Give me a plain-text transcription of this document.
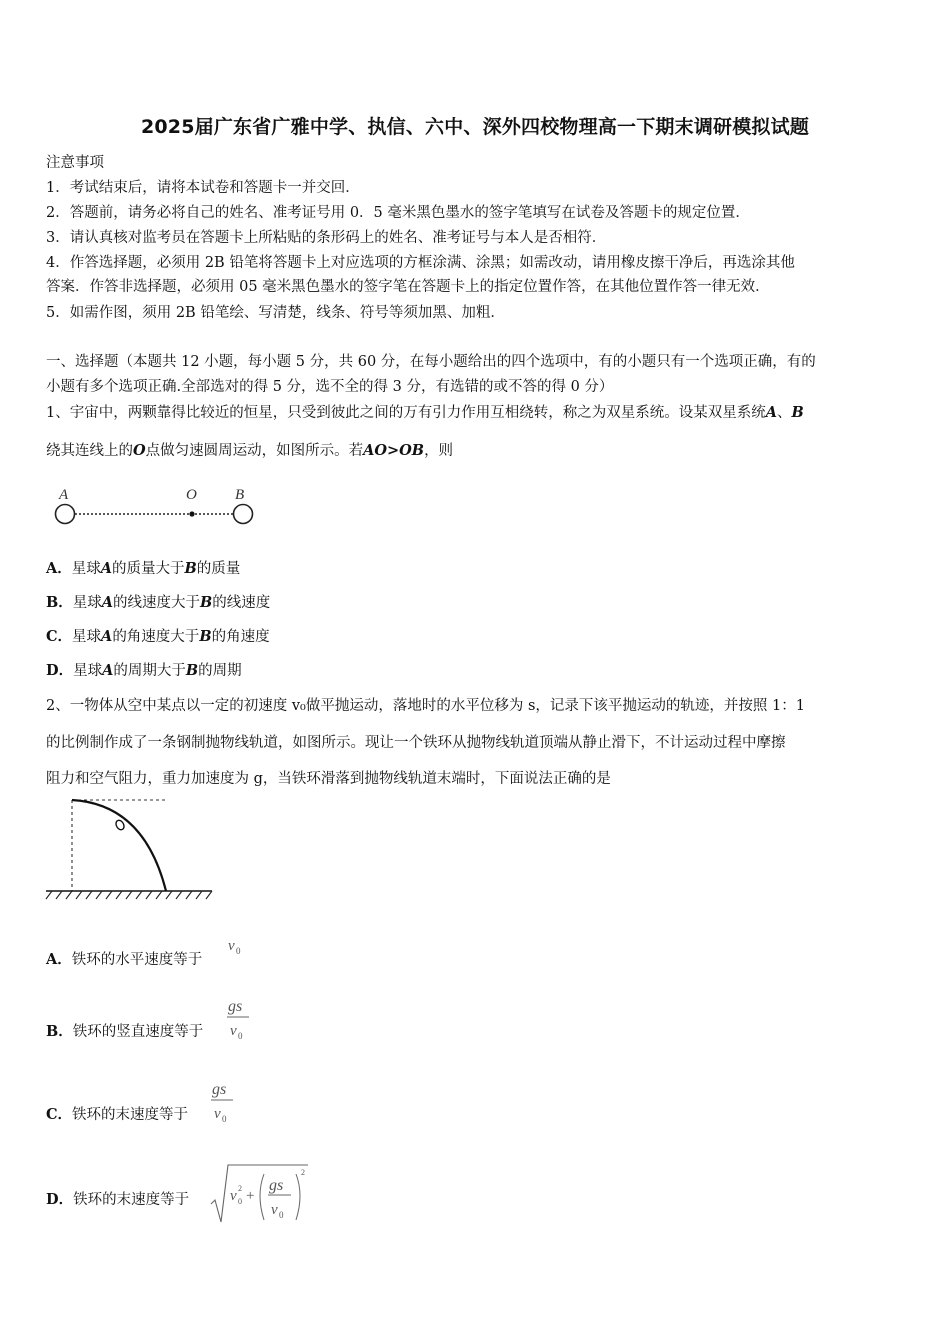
2025届广东省广雅中学、执信、六中、深外四校物理高一下期末调研模拟试题
注意事项
1．考试结束后，请将本试卷和答题卡一并交回．
2．答题前，请务必将自己的姓名、准考证号用 0．5 毫米黑色墨水的签字笔填写在试卷及答题卡的规定位置．
3．请认真核对监考员在答题卡上所粘贴的条形码上的姓名、准考证号与本人是否相符．
4．作答选择题，必须用 2B 铅笔将答题卡上对应选项的方框涂满、涂黑；如需改动，请用橡皮擦干净后，再选涂其他
答案．作答非选择题，必须用 05 毫米黑色墨水的签字笔在答题卡上的指定位置作答，在其他位置作答一律无效．
5．如需作图，须用 2B 铅笔绘、写清楚，线条、符号等须加黑、加粗．
一、选择题（本题共 12 小题，每小题 5 分，共 60 分，在每小题给出的四个选项中，有的小题只有一个选项正确，有的
小题有多个选项正确.全部选对的得 5 分，选不全的得 3 分，有选错的或不答的得 0 分）
1、宇宙中，两颗靠得比较近的恒星，只受到彼此之间的万有引力作用互相绕转，称之为双星系统。设某双星系统A、B
绕其连线上的O点做匀速圆周运动，如图所示。若AO>OB，则
A	O	B
A．星球A的质量大于B的质量
B．星球A的线速度大于B的线速度
C．星球A的角速度大于B的角速度
D．星球A的周期大于B的周期
2、一物体从空中某点以一定的初速度 v₀做平抛运动，落地时的水平位移为 s，记录下该平抛运动的轨迹，并按照 1：1
的比例制作成了一条钢制抛物线轨道，如图所示。现让一个铁环从抛物线轨道顶端从静止滑下，不计运动过程中摩擦
阻力和空气阻力，重力加速度为 g，当铁环滑落到抛物线轨道末端时，下面说法正确的是
A．铁环的水平速度等于
v 0
B．铁环的竖直速度等于
gs
v 0
C．铁环的末速度等于
gs
v 0
D．铁环的末速度等于	v 0
2 +
gs
v 0
2
